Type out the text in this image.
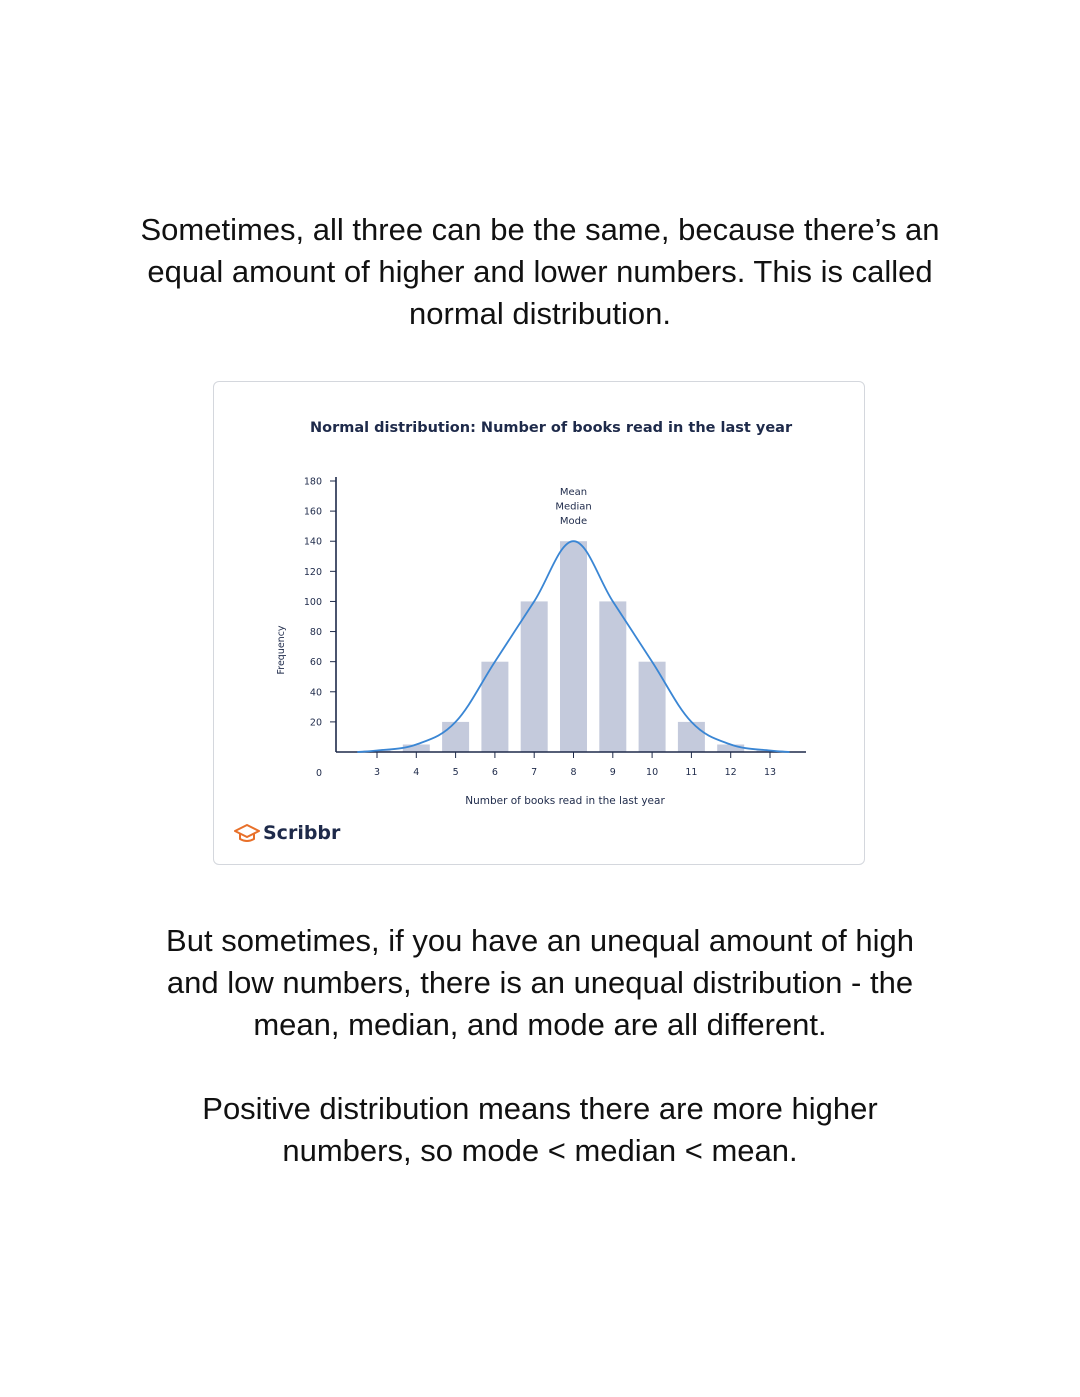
Sometimes, all three can be the same, because there’s an
equal amount of higher and lower numbers. This is called
normal distribution.

0
20
40
60
80
100
120
140
160
180
3	4	5	6	7	8	9	10	11	12	13
Mean
Median
Mode
Number of books read in the last year
Frequency
Normal distribution: Number of books read in the last year
Scribbr

But sometimes, if you have an unequal amount of high
and low numbers, there is an unequal distribution - the
mean, median, and mode are all different.

Positive distribution means there are more higher
numbers, so mode < median < mean.
